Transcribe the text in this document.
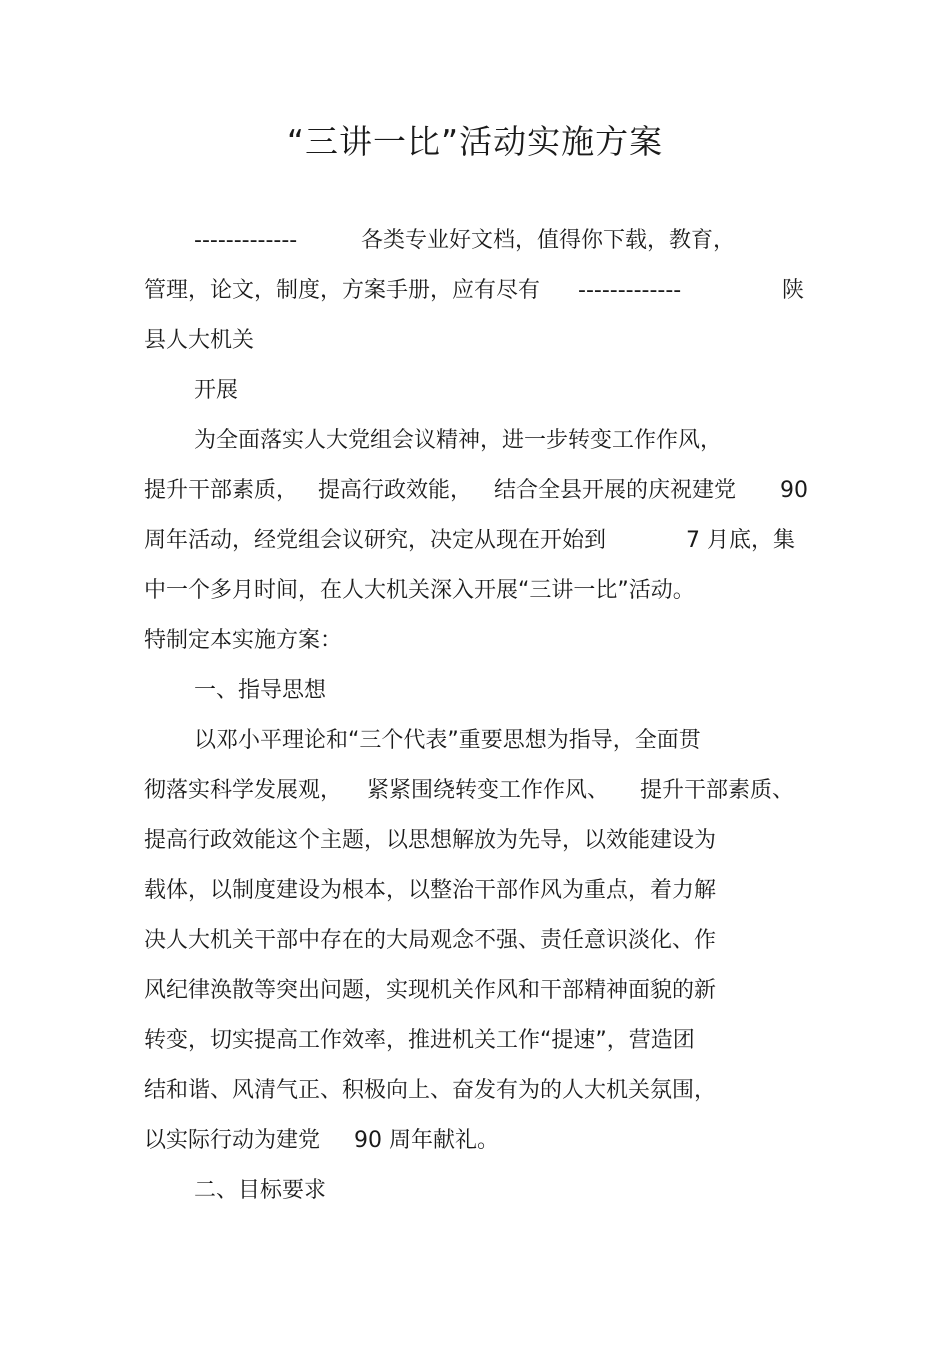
“三讲一比”活动实施方案
-------------	各类专业好文档，值得你下载，教育，
管理，论文，制度，方案手册，应有尽有 -------------	陕
县人大机关
开展
为全面落实人大党组会议精神，进一步转变工作作风，
提升干部素质， 提高行政效能， 结合全县开展的庆祝建党 90
周年活动，经党组会议研究，决定从现在开始到	7 月底，集
中一个多月时间，在人大机关深入开展“三讲一比”活动。
特制定本实施方案：
一、指导思想
以邓小平理论和“三个代表”重要思想为指导，全面贯
彻落实科学发展观， 紧紧围绕转变工作作风、 提升干部素质、
提高行政效能这个主题，以思想解放为先导，以效能建设为
载体，以制度建设为根本，以整治干部作风为重点，着力解
决人大机关干部中存在的大局观念不强、责任意识淡化、作
风纪律涣散等突出问题，实现机关作风和干部精神面貌的新
转变，切实提高工作效率，推进机关工作“提速”，营造团
结和谐、风清气正、积极向上、奋发有为的人大机关氛围，
以实际行动为建党 90 周年献礼。
二、目标要求
